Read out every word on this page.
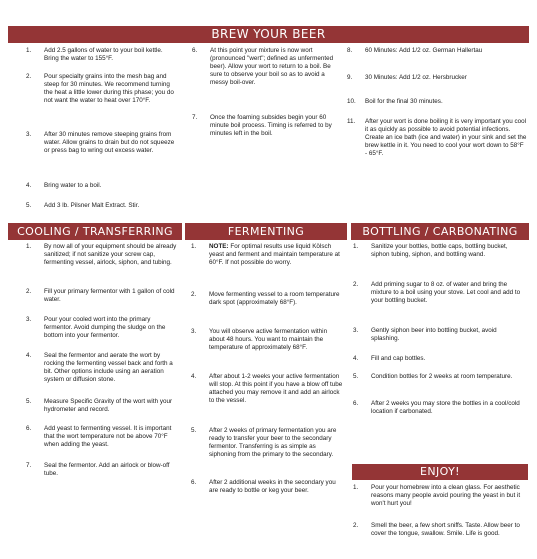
BREW YOUR BEER
1.	Add 2.5 gallons of water to your boil kettle. Bring the water to 155°F.
2.	Pour specialty grains into the mesh bag and steep for 30 minutes. We recommend turning the heat a little lower during this phase; you do not want the water to heat over 170°F.
3.	After 30 minutes remove steeping grains from water. Allow grains to drain but do not squeeze or press bag to wring out excess water.
4.	Bring water to a boil.
5.	Add 3 lb. Pilsner Malt Extract. Stir.
6.	At this point your mixture is now wort (pronounced "wert"; defined as unfermented beer). Allow your wort to return to a boil. Be sure to observe your boil so as to avoid a messy boil-over.
7.	Once the foaming subsides begin your 60 minute boil process. Timing is referred to by minutes left in the boil.
8.	60 Minutes: Add 1/2 oz. German Hallertau
9.	30 Minutes: Add 1/2 oz. Hersbrucker
10.	Boil for the final 30 minutes.
11.	After your wort is done boiling it is very important you cool it as quickly as possible to avoid potential infections. Create an ice bath (ice and water) in your sink and set the brew kettle in it. You need to cool your wort down to 58°F - 65°F.
COOLING / TRANSFERRING	FERMENTING	BOTTLING / CARBONATING
1.	By now all of your equipment should be already sanitized; if not sanitize your screw cap, fermenting vessel, airlock, siphon, and tubing.
2.	Fill your primary fermentor with 1 gallon of cold water.
3.	Pour your cooled wort into the primary fermentor. Avoid dumping the sludge on the bottom into your fermentor.
4.	Seal the fermentor and aerate the wort by rocking the fermenting vessel back and forth a bit. Other options include using an aeration system or diffusion stone.
5.	Measure Specific Gravity of the wort with your hydrometer and record.
6.	Add yeast to fermenting vessel. It is important that the wort temperature not be above 70°F when adding the yeast.
7.	Seal the fermentor. Add an airlock or blow-off tube.
1.	NOTE: For optimal results use liquid Kölsch yeast and ferment and maintain temperature at 60°F. If not possible do worry.
2.	Move fermenting vessel to a room temperature dark spot (approximately 68°F).
3.	You will observe active fermentation within about 48 hours. You want to maintain the temperature of approximately 68°F.
4.	After about 1-2 weeks your active fermentation will stop. At this point if you have a blow off tube attached you may remove it and add an airlock to the vessel.
5.	After 2 weeks of primary fermentation you are ready to transfer your beer to the secondary fermentor. Transferring is as simple as siphoning from the primary to the secondary.
6.	After 2 additional weeks in the secondary you are ready to bottle or keg your beer.
1.	Sanitize your bottles, bottle caps, bottling bucket, siphon tubing, siphon, and bottling wand.
2.	Add priming sugar to 8 oz. of water and bring the mixture to a boil using your stove. Let cool and add to your bottling bucket.
3.	Gently siphon beer into bottling bucket, avoid splashing.
4.	Fill and cap bottles.
5.	Condition bottles for 2 weeks at room temperature.
6.	After 2 weeks you may store the bottles in a cool/cold location if carbonated.
ENJOY!
1.	Pour your homebrew into a clean glass. For aesthetic reasons many people avoid pouring the yeast in but it won't hurt you!
2.	Smell the beer, a few short sniffs. Taste. Allow beer to cover the tongue, swallow. Smile. Life is good.
